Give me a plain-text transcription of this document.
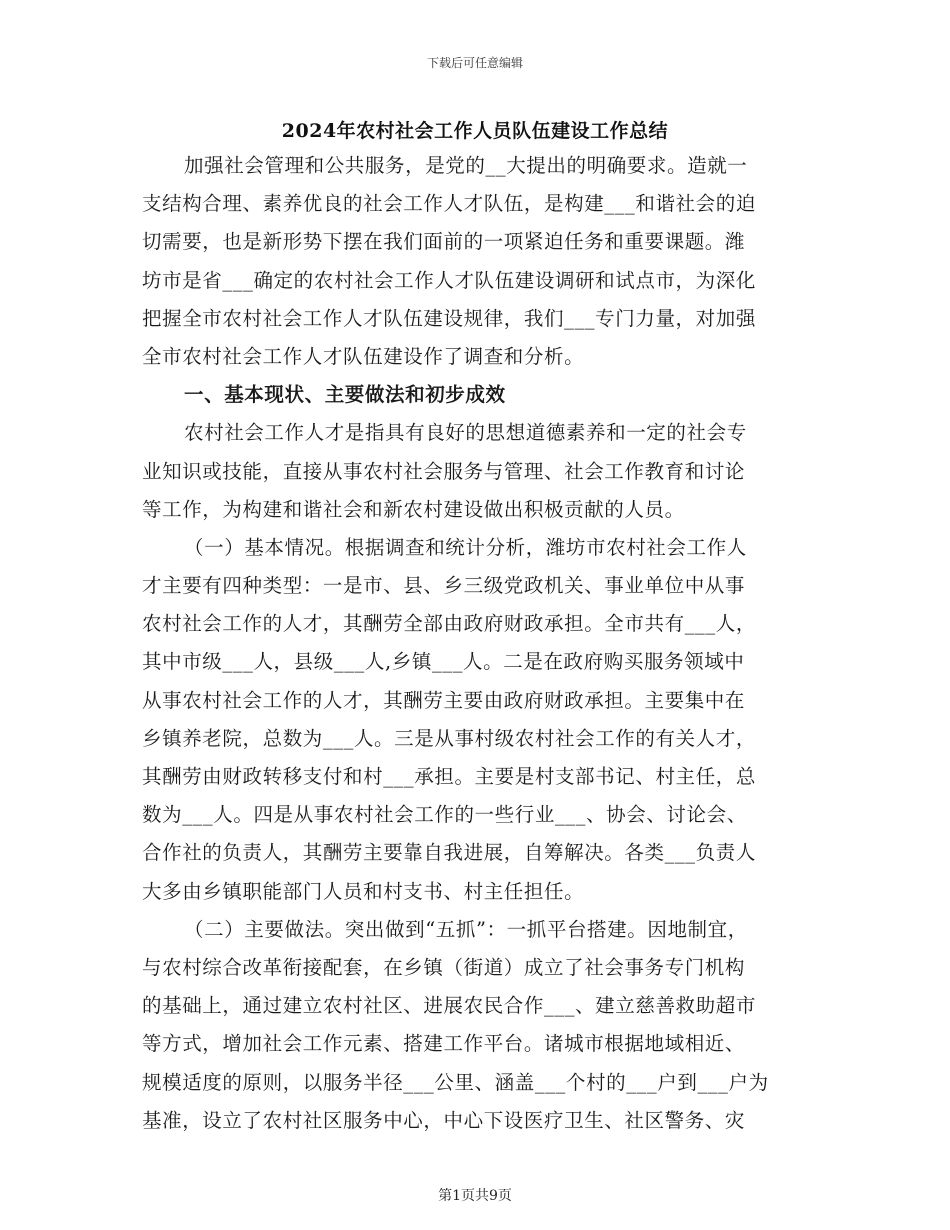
下载后可任意编辑
2024年农村社会工作人员队伍建设工作总结
加强社会管理和公共服务，是党的__大提出的明确要求。造就一
支结构合理、素养优良的社会工作人才队伍，是构建___和谐社会的迫
切需要，也是新形势下摆在我们面前的一项紧迫任务和重要课题。潍
坊市是省___确定的农村社会工作人才队伍建设调研和试点市，为深化
把握全市农村社会工作人才队伍建设规律，我们___专门力量，对加强
全市农村社会工作人才队伍建设作了调查和分析。
一、基本现状、主要做法和初步成效
农村社会工作人才是指具有良好的思想道德素养和一定的社会专
业知识或技能，直接从事农村社会服务与管理、社会工作教育和讨论
等工作，为构建和谐社会和新农村建设做出积极贡献的人员。
（一）基本情况。根据调查和统计分析，潍坊市农村社会工作人
才主要有四种类型：一是市、县、乡三级党政机关、事业单位中从事
农村社会工作的人才，其酬劳全部由政府财政承担。全市共有___人，
其中市级___人，县级___人,乡镇___人。二是在政府购买服务领域中
从事农村社会工作的人才，其酬劳主要由政府财政承担。主要集中在
乡镇养老院，总数为___人。三是从事村级农村社会工作的有关人才，
其酬劳由财政转移支付和村___承担。主要是村支部书记、村主任，总
数为___人。四是从事农村社会工作的一些行业___、协会、讨论会、
合作社的负责人，其酬劳主要靠自我进展，自筹解决。各类___负责人
大多由乡镇职能部门人员和村支书、村主任担任。
（二）主要做法。突出做到“五抓”：一抓平台搭建。因地制宜，
与农村综合改革衔接配套，在乡镇（街道）成立了社会事务专门机构
的基础上，通过建立农村社区、进展农民合作___、建立慈善救助超市
等方式，增加社会工作元素、搭建工作平台。诸城市根据地域相近、
规模适度的原则，以服务半径___公里、涵盖___个村的___户到___户为
基准，设立了农村社区服务中心，中心下设医疗卫生、社区警务、灾
第1页共9页
